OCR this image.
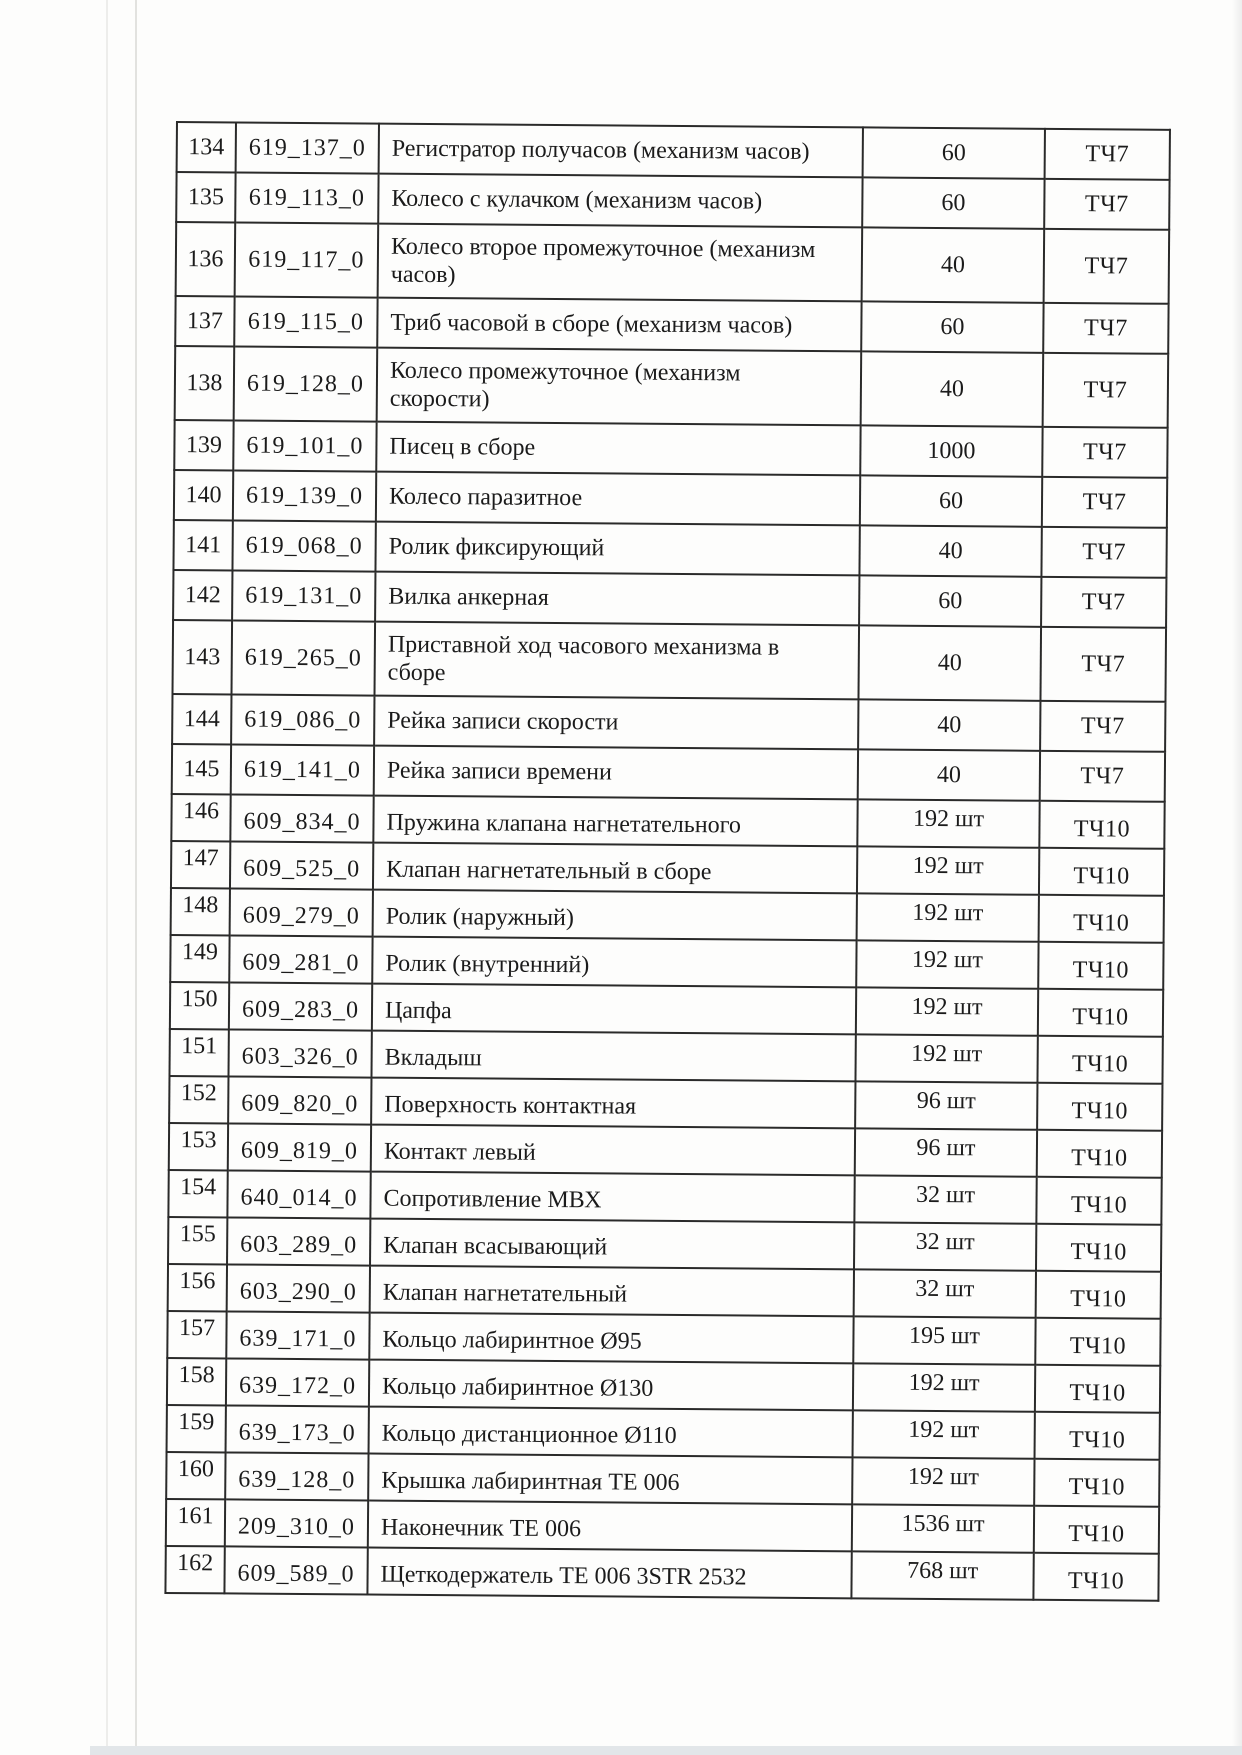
134	619_137_0	Регистратор получасов (механизм часов)	60	ТЧ7
135	619_113_0	Колесо с кулачком (механизм часов)	60	ТЧ7
136	619_117_0	Колесо второе промежуточное (механизм
часов)	40	ТЧ7
137	619_115_0	Триб часовой в сборе (механизм часов)	60	ТЧ7
138	619_128_0	Колесо промежуточное (механизм
скорости)	40	ТЧ7
139	619_101_0	Писец в сборе	1000	ТЧ7
140	619_139_0	Колесо паразитное	60	ТЧ7
141	619_068_0	Ролик фиксирующий	40	ТЧ7
142	619_131_0	Вилка анкерная	60	ТЧ7
143	619_265_0	Приставной ход часового механизма в
сборе	40	ТЧ7
144	619_086_0	Рейка записи скорости	40	ТЧ7
145	619_141_0	Рейка записи времени	40	ТЧ7
146	609_834_0	Пружина клапана нагнетательного	192 шт	ТЧ10
147	609_525_0	Клапан нагнетательный в сборе	192 шт	ТЧ10
148	609_279_0	Ролик (наружный)	192 шт	ТЧ10
149	609_281_0	Ролик (внутренний)	192 шт	ТЧ10
150	609_283_0	Цапфа	192 шт	ТЧ10
151	603_326_0	Вкладыш	192 шт	ТЧ10
152	609_820_0	Поверхность контактная	96 шт	ТЧ10
153	609_819_0	Контакт левый	96 шт	ТЧ10
154	640_014_0	Сопротивление МВХ	32 шт	ТЧ10
155	603_289_0	Клапан всасывающий	32 шт	ТЧ10
156	603_290_0	Клапан нагнетательный	32 шт	ТЧ10
157	639_171_0	Кольцо лабиринтное Ø95	195 шт	ТЧ10
158	639_172_0	Кольцо лабиринтное Ø130	192 шт	ТЧ10
159	639_173_0	Кольцо дистанционное Ø110	192 шт	ТЧ10
160	639_128_0	Крышка лабиринтная ТЕ 006	192 шт	ТЧ10
161	209_310_0	Наконечник ТЕ 006	1536 шт	ТЧ10
162	609_589_0	Щеткодержатель ТЕ 006 3STR 2532	768 шт	ТЧ10
